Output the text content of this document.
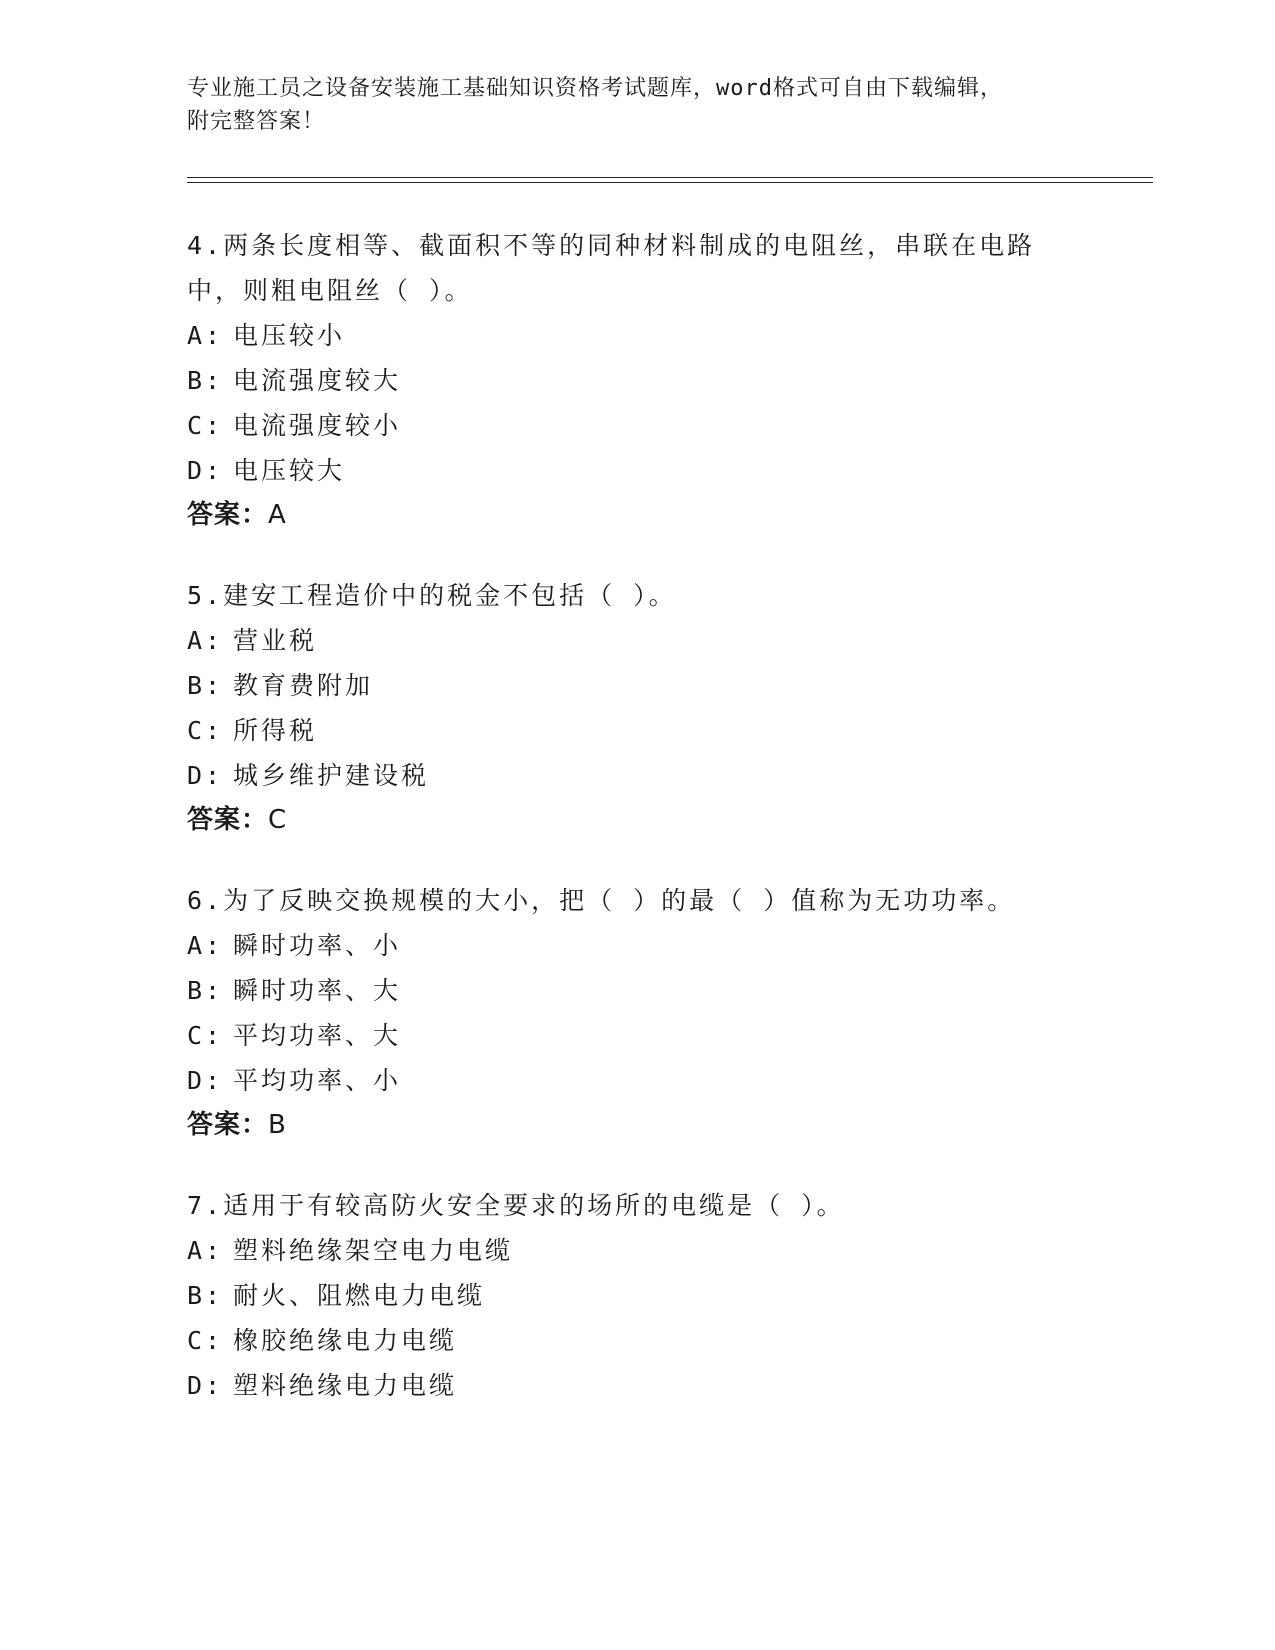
专业施工员之设备安装施工基础知识资格考试题库，word格式可自由下载编辑，
附完整答案！

4.两条长度相等、截面积不等的同种材料制成的电阻丝，串联在电路

中，则粗电阻丝（ ）。

A: 电压较小

B: 电流强度较大

C: 电流强度较小

D: 电压较大

答案：A

5.建安工程造价中的税金不包括（ ）。

A: 营业税

B: 教育费附加

C: 所得税

D: 城乡维护建设税

答案：C

6.为了反映交换规模的大小，把（ ）的最（ ）值称为无功功率。

A: 瞬时功率、小

B: 瞬时功率、大

C: 平均功率、大

D: 平均功率、小

答案：B

7.适用于有较高防火安全要求的场所的电缆是（ ）。

A: 塑料绝缘架空电力电缆

B: 耐火、阻燃电力电缆

C: 橡胶绝缘电力电缆

D: 塑料绝缘电力电缆
